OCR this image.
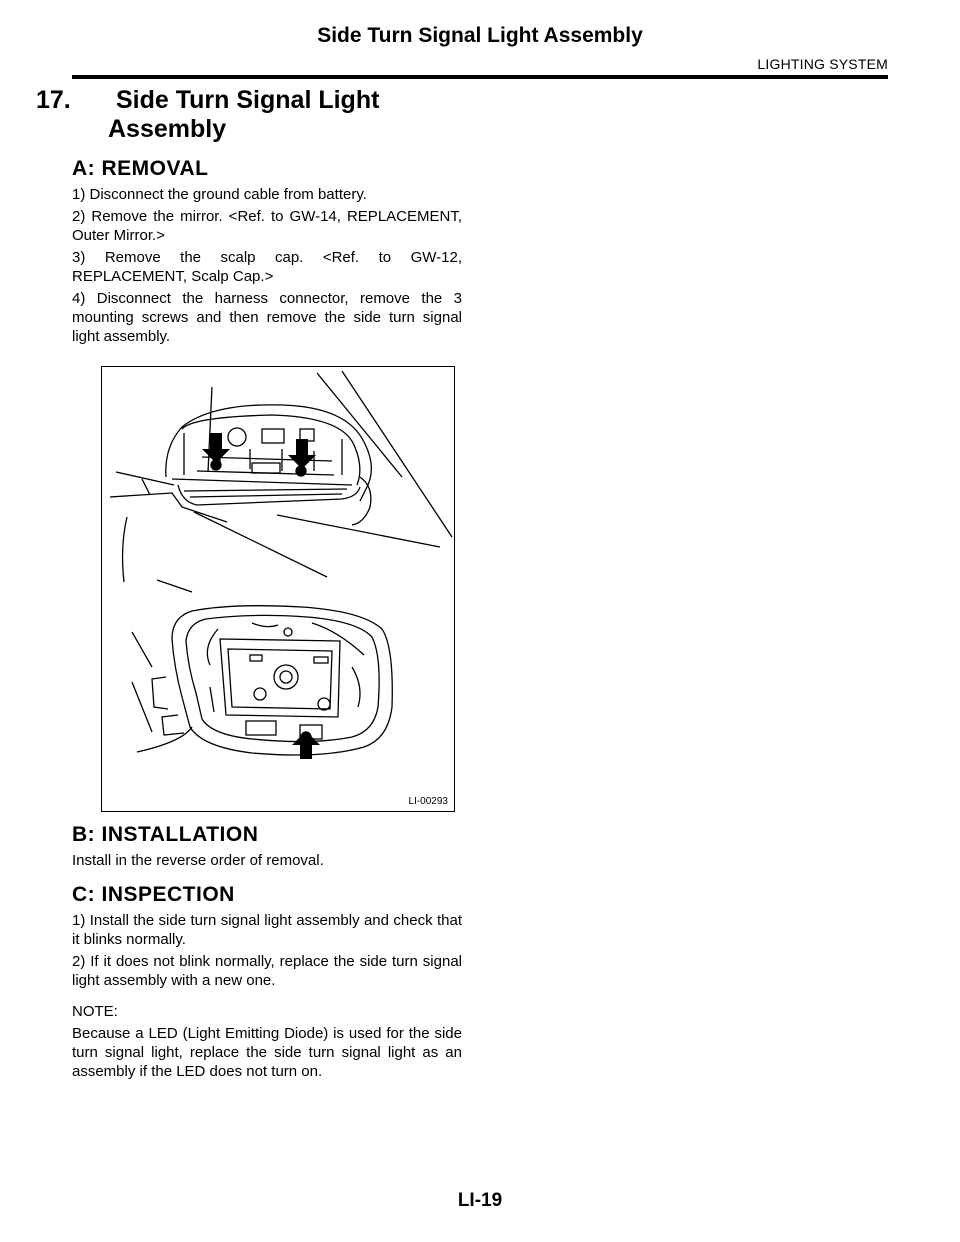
Side Turn Signal Light Assembly
LIGHTING SYSTEM
17. Side Turn Signal Light Assembly
A: REMOVAL

1) Disconnect the ground cable from battery.

2) Remove the mirror. <Ref. to GW-14, REPLACEMENT, Outer Mirror.>

3) Remove the scalp cap. <Ref. to GW-12, REPLACEMENT, Scalp Cap.>

4) Disconnect the harness connector, remove the 3 mounting screws and then remove the side turn signal light assembly.

LI-00293
B: INSTALLATION

Install in the reverse order of removal.

C: INSPECTION

1) Install the side turn signal light assembly and check that it blinks normally.

2) If it does not blink normally, replace the side turn signal light assembly with a new one.

NOTE:

Because a LED (Light Emitting Diode) is used for the side turn signal light, replace the side turn signal light as an assembly if the LED does not turn on.

LI-19
